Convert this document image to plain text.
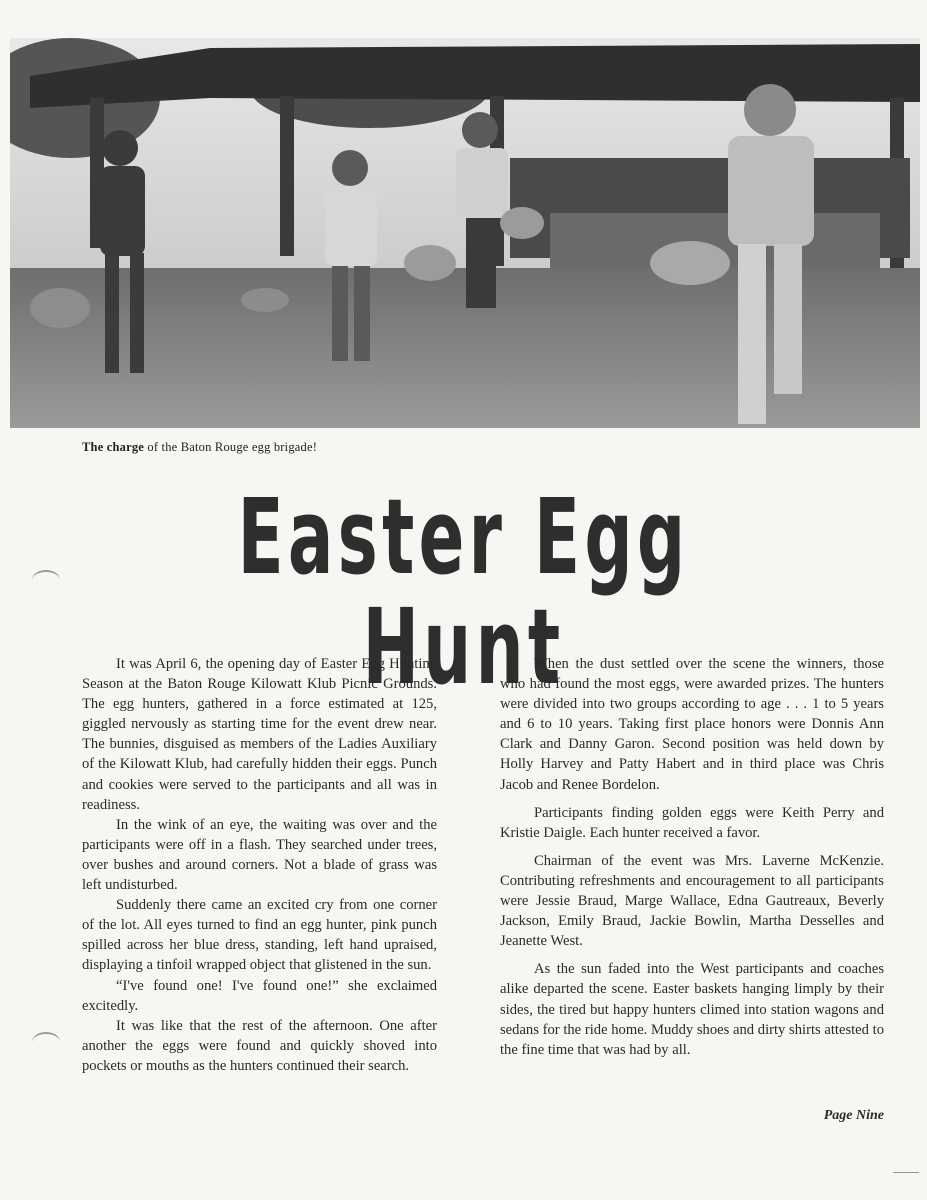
The charge of the Baton Rouge egg brigade!
Easter Egg Hunt

It was April 6, the opening day of Easter Egg Hunting Season at the Baton Rouge Kilowatt Klub Picnic Grounds. The egg hunters, gathered in a force estimated at 125, giggled nervously as starting time for the event drew near. The bunnies, disguised as members of the Ladies Auxiliary of the Kilowatt Klub, had carefully hidden their eggs. Punch and cookies were served to the participants and all was in readiness.

In the wink of an eye, the waiting was over and the participants were off in a flash. They searched under trees, over bushes and around corners. Not a blade of grass was left undisturbed.

Suddenly there came an excited cry from one corner of the lot. All eyes turned to find an egg hunter, pink punch spilled across her blue dress, standing, left hand upraised, displaying a tinfoil wrapped object that glistened in the sun.

“I've found one! I've found one!” she exclaimed excitedly.

It was like that the rest of the afternoon. One after another the eggs were found and quickly shoved into pockets or mouths as the hunters continued their search.

When the dust settled over the scene the winners, those who had found the most eggs, were awarded prizes. The hunters were divided into two groups according to age . . . 1 to 5 years and 6 to 10 years. Taking first place honors were Donnis Ann Clark and Danny Garon. Second position was held down by Holly Harvey and Patty Habert and in third place was Chris Jacob and Renee Bordelon.

Participants finding golden eggs were Keith Perry and Kristie Daigle. Each hunter received a favor.

Chairman of the event was Mrs. Laverne McKenzie. Contributing refreshments and encouragement to all participants were Jessie Braud, Marge Wallace, Edna Gautreaux, Beverly Jackson, Emily Braud, Jackie Bowlin, Martha Desselles and Jeanette West.

As the sun faded into the West participants and coaches alike departed the scene. Easter baskets hanging limply by their sides, the tired but happy hunters climed into station wagons and sedans for the ride home. Muddy shoes and dirty shirts attested to the fine time that was had by all.

Page Nine
